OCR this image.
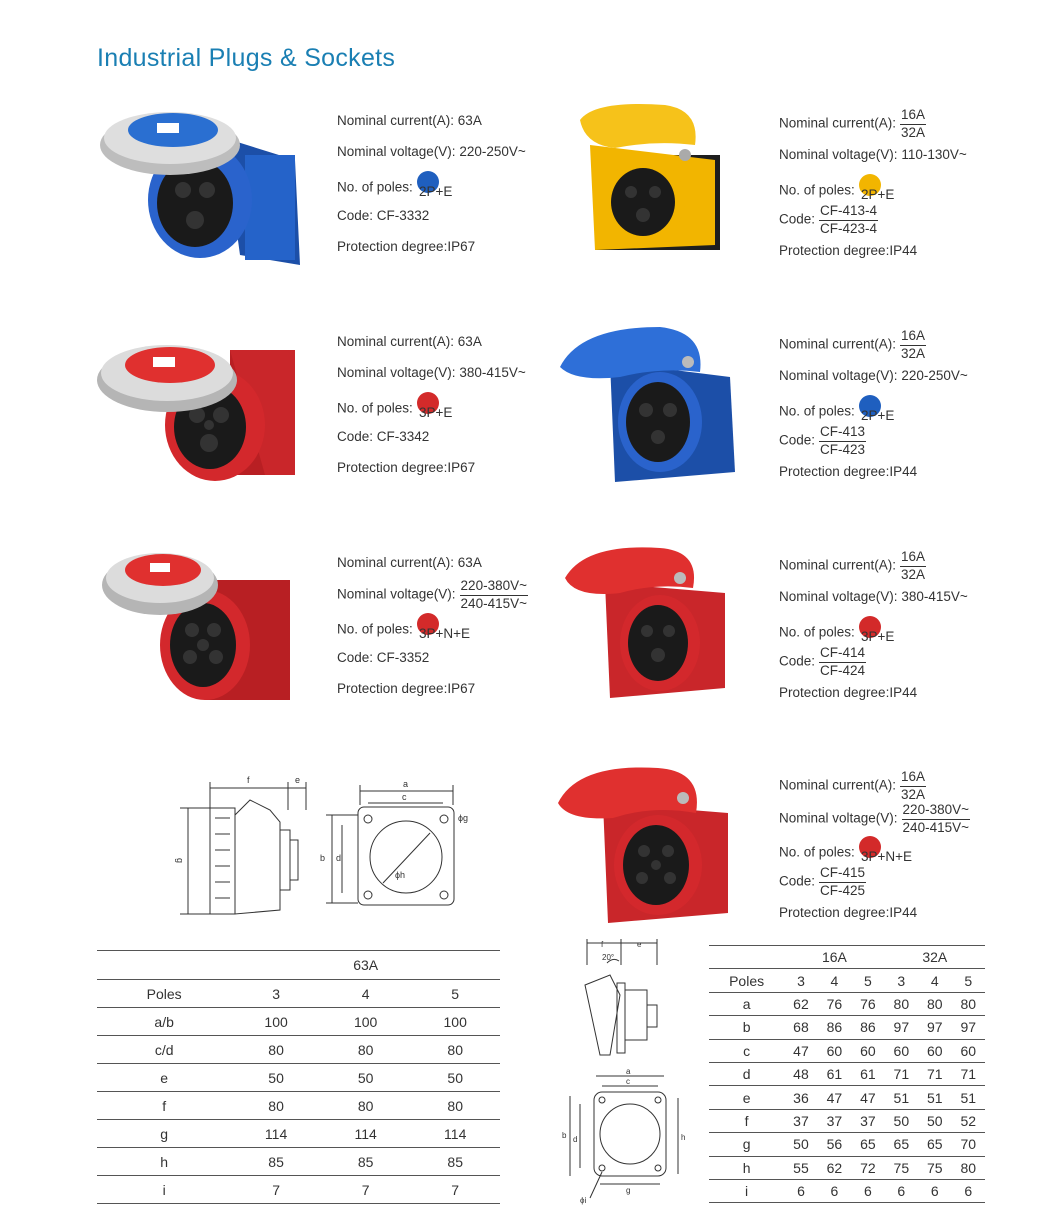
Industrial Plugs & Sockets
Nominal current(A): 63A
Nominal voltage(V): 220-250V~
No. of poles: 2P+E
Code: CF-3332
Protection degree:IP67
Nominal current(A): 63A
Nominal voltage(V): 380-415V~
No. of poles: 3P+E
Code: CF-3342
Protection degree:IP67
Nominal current(A): 63A
Nominal voltage(V): $\frac{220-380V\sim}{240-415V\sim}$
No. of poles: 3P+N+E
Code: CF-3352
Protection degree:IP67
Nominal current(A): $\frac{16A}{32A}$
Nominal voltage(V): 110-130V~
No. of poles: 2P+E
Code: $\frac{CF-413-4}{CF-423-4}$
Protection degree:IP44
Nominal current(A): $\frac{16A}{32A}$
Nominal voltage(V): 220-250V~
No. of poles: 2P+E
Code: $\frac{CF-413}{CF-423}$
Protection degree:IP44
Nominal current(A): $\frac{16A}{32A}$
Nominal voltage(V): 380-415V~
No. of poles: 3P+E
Code: $\frac{CF-414}{CF-424}$
Protection degree:IP44
Nominal current(A): $\frac{16A}{32A}$
Nominal voltage(V): $\frac{220-380V\sim}{240-415V\sim}$
No. of poles: 3P+N+E
Code: $\frac{CF-415}{CF-425}$
Protection degree:IP44
f	e
g
a
c
ϕg
b d
ϕh
f	e
20°
a
c
b d	h
g
ϕi
	63A		
Poles	3	4	5
a/b	100	100	100
c/d	80	80	80
e	50	50	50
f	80	80	80
g	114	114	114
h	85	85	85
i	7	7	7
	16A			32A		
Poles	3	4	5	3	4	5
a	62	76	76	80	80	80
b	68	86	86	97	97	97
c	47	60	60	60	60	60
d	48	61	61	71	71	71
e	36	47	47	51	51	51
f	37	37	37	50	50	52
g	50	56	65	65	65	70
h	55	62	72	75	75	80
i	6	6	6	6	6	6
